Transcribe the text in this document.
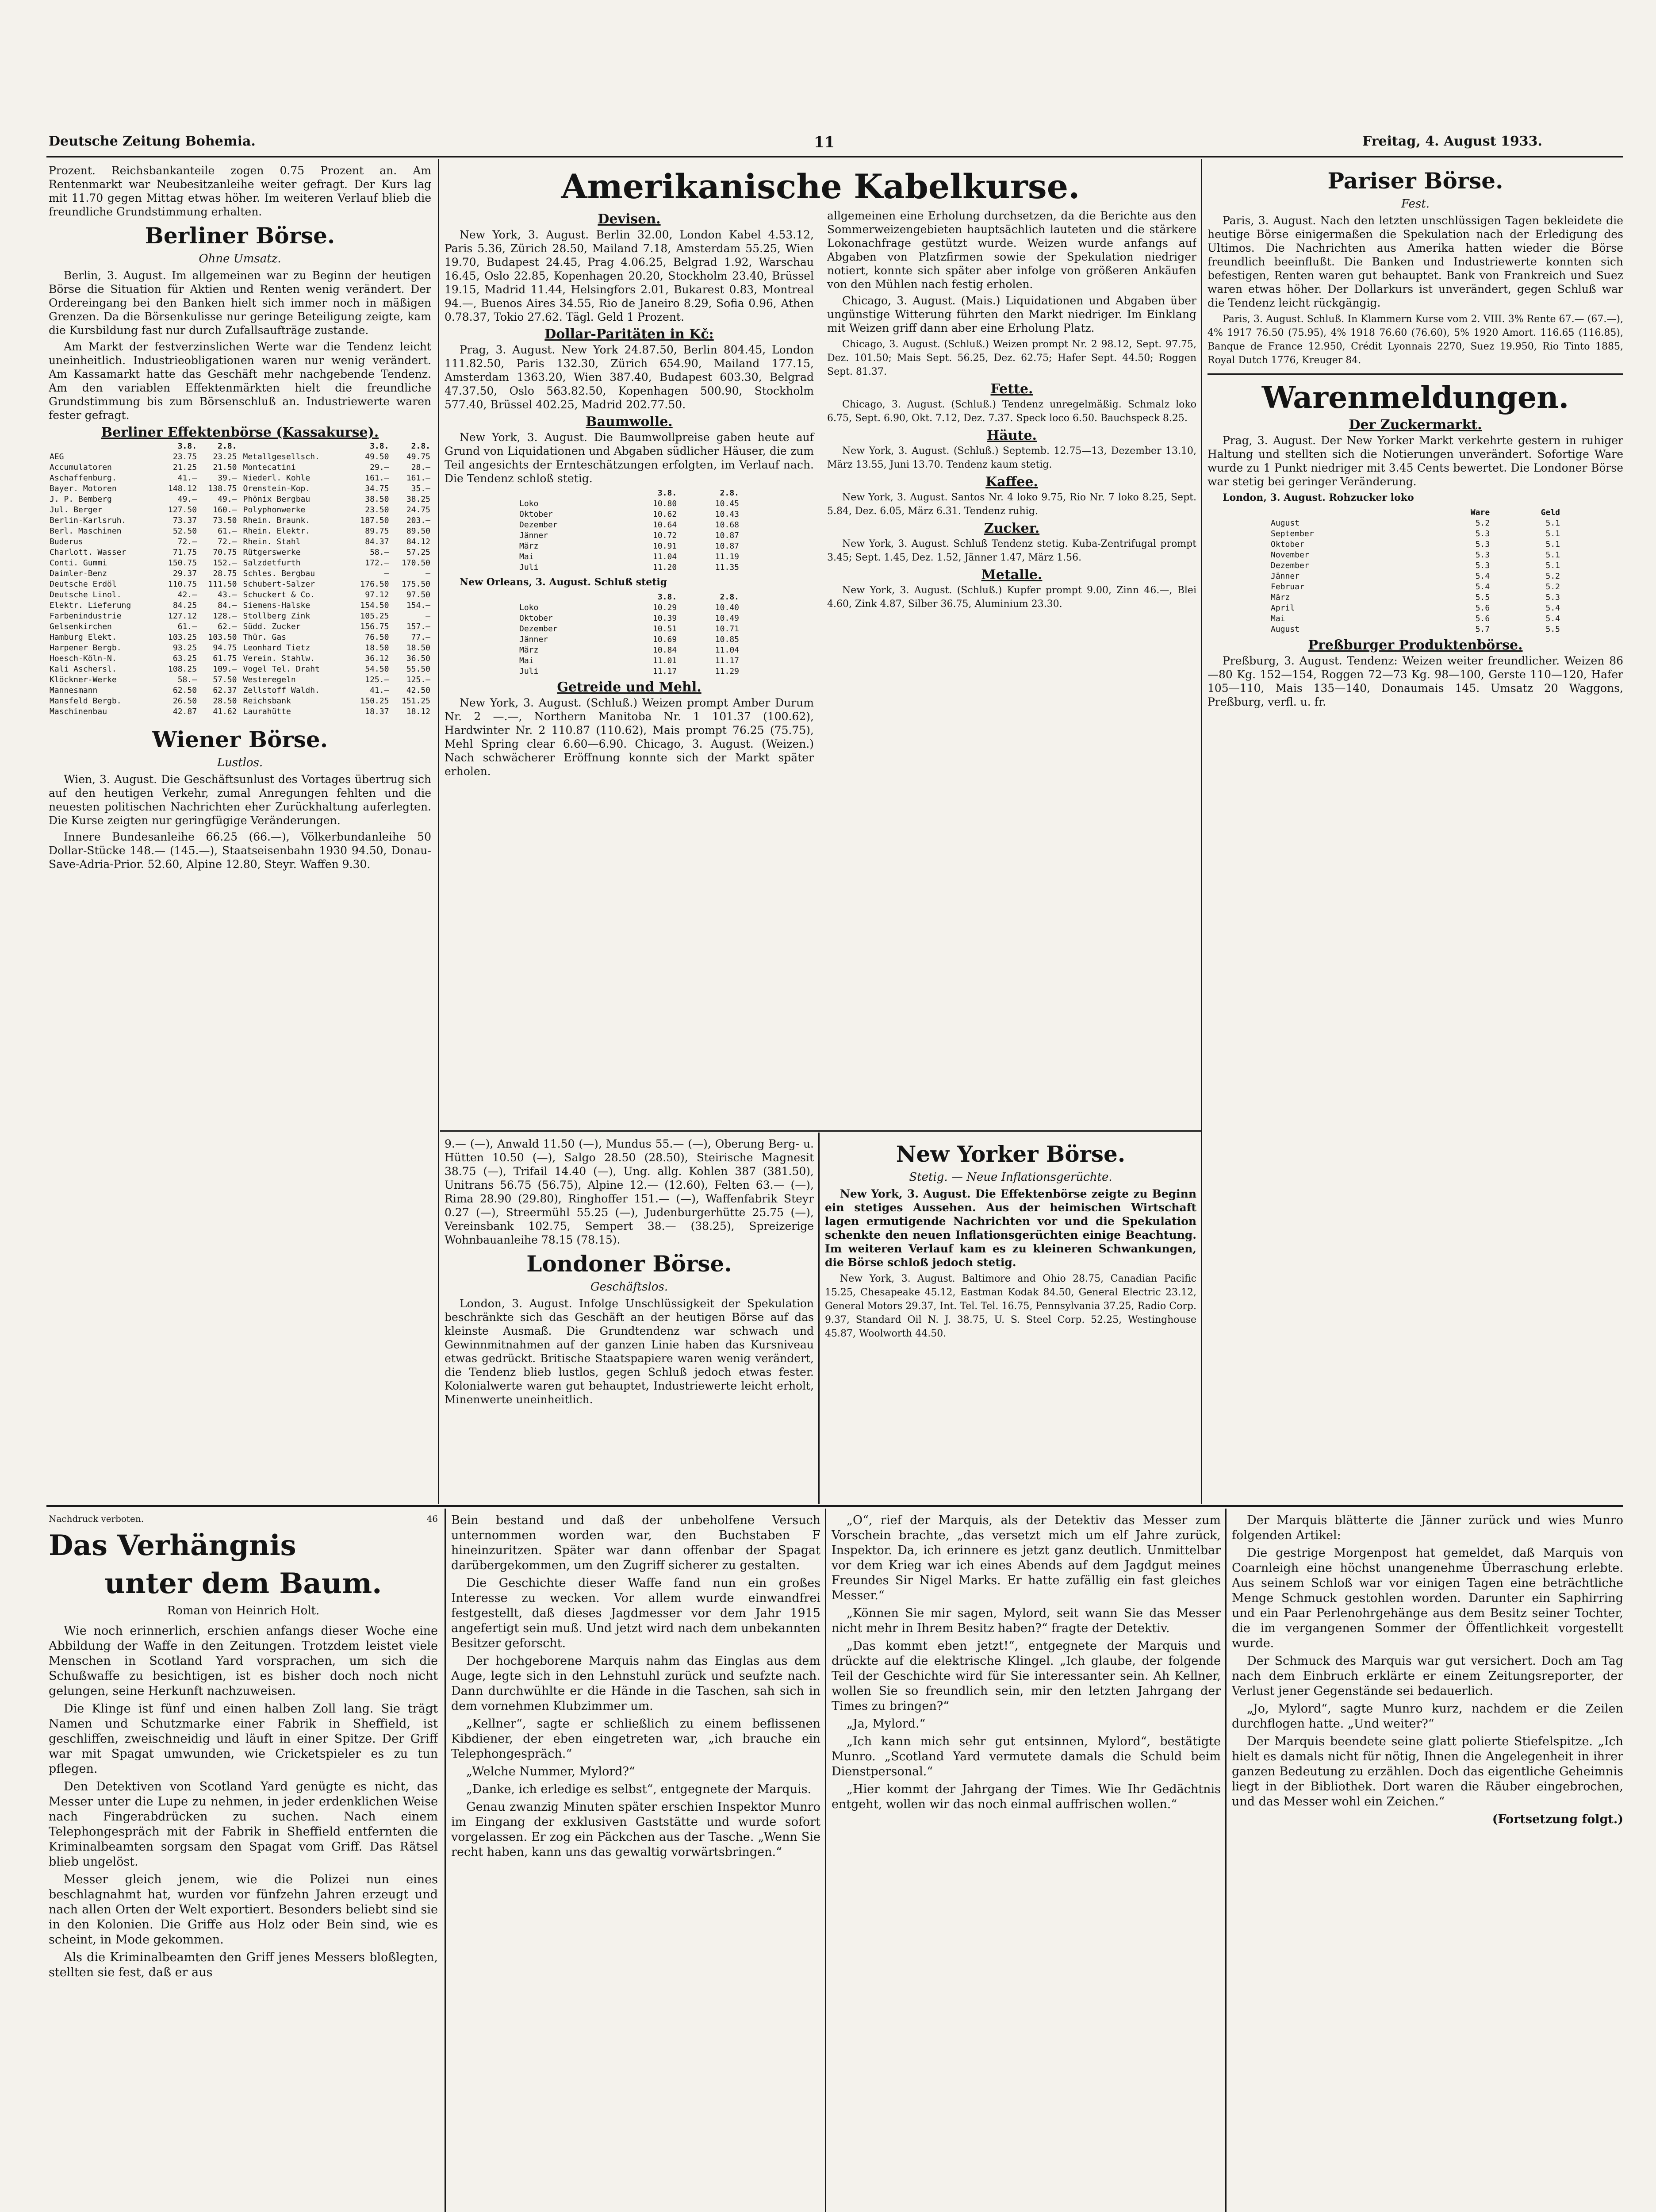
Deutsche Zeitung Bohemia.	11	Freitag, 4. August 1933.

Prozent. Reichsbankanteile zogen 0.75 Prozent an. Am Rentenmarkt war Neubesitzanleihe weiter gefragt. Der Kurs lag mit 11.70 gegen Mittag etwas höher. Im weiteren Verlauf blieb die freundliche Grundstimmung erhalten.

Berliner Börse.
Ohne Umsatz.

Berlin, 3. August. Im allgemeinen war zu Beginn der heutigen Börse die Situation für Aktien und Renten wenig verändert. Der Ordereingang bei den Banken hielt sich immer noch in mäßigen Grenzen. Da die Börsenkulisse nur geringe Beteiligung zeigte, kam die Kursbildung fast nur durch Zufallsaufträge zustande.

Am Markt der festverzinslichen Werte war die Tendenz leicht uneinheitlich. Industrieobligationen waren nur wenig verändert. Am Kassamarkt hatte das Geschäft mehr nachgebende Tendenz. Am den variablen Effektenmärkten hielt die freundliche Grundstimmung bis zum Börsenschluß an. Industriewerte waren fester gefragt.

Berliner Effektenbörse (Kassakurse).
	3.8.	2.8.
AEG	23.75	23.25
Accumulatoren	21.25	21.50
Aschaffenburg.	41.—	39.—
Bayer. Motoren	148.12	138.75
J. P. Bemberg	49.—	49.—
Jul. Berger	127.50	160.—
Berlin-Karlsruh.	73.37	73.50
Berl. Maschinen	52.50	61.—
Buderus	72.—	72.—
Charlott. Wasser	71.75	70.75
Conti. Gummi	150.75	152.—
Daimler-Benz	29.37	28.75
Deutsche Erdöl	110.75	111.50
Deutsche Linol.	42.—	43.—
Elektr. Lieferung	84.25	84.—
Farbenindustrie	127.12	128.—
Gelsenkirchen	61.—	62.—
Hamburg Elekt.	103.25	103.50
Harpener Bergb.	93.25	94.75
Hoesch-Köln-N.	63.25	61.75
Kali Aschersl.	108.25	109.—
Klöckner-Werke	58.—	57.50
Mannesmann	62.50	62.37
Mansfeld Bergb.	26.50	28.50
Maschinenbau	42.87	41.62
	3.8.	2.8.
Metallgesellsch.	49.50	49.75
Montecatini	29.—	28.—
Niederl. Kohle	161.—	161.—
Orenstein-Kop.	34.75	35.—
Phönix Bergbau	38.50	38.25
Polyphonwerke	23.50	24.75
Rhein. Braunk.	187.50	203.—
Rhein. Elektr.	89.75	89.50
Rhein. Stahl	84.37	84.12
Rütgerswerke	58.—	57.25
Salzdetfurth	172.—	170.50
Schles. Bergbau	—	—
Schubert-Salzer	176.50	175.50
Schuckert & Co.	97.12	97.50
Siemens-Halske	154.50	154.—
Stollberg Zink	105.25	—
Südd. Zucker	156.75	157.—
Thür. Gas	76.50	77.—
Leonhard Tietz	18.50	18.50
Verein. Stahlw.	36.12	36.50
Vogel Tel. Draht	54.50	55.50
Westeregeln	125.—	125.—
Zellstoff Waldh.	41.—	42.50
Reichsbank	150.25	151.25
Laurahütte	18.37	18.12
Wiener Börse.
Lustlos.

Wien, 3. August. Die Geschäftsunlust des Vortages übertrug sich auf den heutigen Verkehr, zumal Anregungen fehlten und die neuesten politischen Nachrichten eher Zurückhaltung auferlegten. Die Kurse zeigten nur geringfügige Veränderungen.

Innere Bundesanleihe 66.25 (66.—), Völkerbundanleihe 50 Dollar-Stücke 148.— (145.—), Staatseisenbahn 1930 94.50, Donau-Save-Adria-Prior. 52.60, Alpine 12.80, Steyr. Waffen 9.30.

Amerikanische Kabelkurse.
Devisen.

New York, 3. August. Berlin 32.00, London Kabel 4.53.12, Paris 5.36, Zürich 28.50, Mailand 7.18, Amsterdam 55.25, Wien 19.70, Budapest 24.45, Prag 4.06.25, Belgrad 1.92, Warschau 16.45, Oslo 22.85, Kopenhagen 20.20, Stockholm 23.40, Brüssel 19.15, Madrid 11.44, Helsingfors 2.01, Bukarest 0.83, Montreal 94.—, Buenos Aires 34.55, Rio de Janeiro 8.29, Sofia 0.96, Athen 0.78.37, Tokio 27.62. Tägl. Geld 1 Prozent.

Dollar-Paritäten in Kč:

Prag, 3. August. New York 24.87.50, Berlin 804.45, London 111.82.50, Paris 132.30, Zürich 654.90, Mailand 177.15, Amsterdam 1363.20, Wien 387.40, Budapest 603.30, Belgrad 47.37.50, Oslo 563.82.50, Kopenhagen 500.90, Stockholm 577.40, Brüssel 402.25, Madrid 202.77.50.

Baumwolle.

New York, 3. August. Die Baumwollpreise gaben heute auf Grund von Liquidationen und Abgaben südlicher Häuser, die zum Teil angesichts der Ernteschätzungen erfolgten, im Verlauf nach. Die Tendenz schloß stetig.

	3.8.	2.8.
Loko	10.80	10.45
Oktober	10.62	10.43
Dezember	10.64	10.68
Jänner	10.72	10.87
März	10.91	10.87
Mai	11.04	11.19
Juli	11.20	11.35

New Orleans, 3. August. Schluß stetig

	3.8.	2.8.
Loko	10.29	10.40
Oktober	10.39	10.49
Dezember	10.51	10.71
Jänner	10.69	10.85
März	10.84	11.04
Mai	11.01	11.17
Juli	11.17	11.29
Getreide und Mehl.

New York, 3. August. (Schluß.) Weizen prompt Amber Durum Nr. 2 —.—, Northern Manitoba Nr. 1 101.37 (100.62), Hardwinter Nr. 2 110.87 (110.62), Mais prompt 76.25 (75.75), Mehl Spring clear 6.60—6.90. Chicago, 3. August. (Weizen.) Nach schwächerer Eröffnung konnte sich der Markt später erholen.

allgemeinen eine Erholung durchsetzen, da die Berichte aus den Sommerweizengebieten hauptsächlich lauteten und die stärkere Lokonachfrage gestützt wurde. Weizen wurde anfangs auf Abgaben von Platzfirmen sowie der Spekulation niedriger notiert, konnte sich später aber infolge von größeren Ankäufen von den Mühlen nach festig erholen.

Chicago, 3. August. (Mais.) Liquidationen und Abgaben über ungünstige Witterung führten den Markt niedriger. Im Einklang mit Weizen griff dann aber eine Erholung Platz.

Chicago, 3. August. (Schluß.) Weizen prompt Nr. 2 98.12, Sept. 97.75, Dez. 101.50; Mais Sept. 56.25, Dez. 62.75; Hafer Sept. 44.50; Roggen Sept. 81.37.

Fette.

Chicago, 3. August. (Schluß.) Tendenz unregelmäßig. Schmalz loko 6.75, Sept. 6.90, Okt. 7.12, Dez. 7.37. Speck loco 6.50. Bauchspeck 8.25.

Häute.

New York, 3. August. (Schluß.) Septemb. 12.75—13, Dezember 13.10, März 13.55, Juni 13.70. Tendenz kaum stetig.

Kaffee.

New York, 3. August. Santos Nr. 4 loko 9.75, Rio Nr. 7 loko 8.25, Sept. 5.84, Dez. 6.05, März 6.31. Tendenz ruhig.

Zucker.

New York, 3. August. Schluß Tendenz stetig. Kuba-Zentrifugal prompt 3.45; Sept. 1.45, Dez. 1.52, Jänner 1.47, März 1.56.

Metalle.

New York, 3. August. (Schluß.) Kupfer prompt 9.00, Zinn 46.—, Blei 4.60, Zink 4.87, Silber 36.75, Aluminium 23.30.

9.— (—), Anwald 11.50 (—), Mundus 55.— (—), Oberung Berg- u. Hütten 10.50 (—), Salgo 28.50 (28.50), Steirische Magnesit 38.75 (—), Trifail 14.40 (—), Ung. allg. Kohlen 387 (381.50), Unitrans 56.75 (56.75), Alpine 12.— (12.60), Felten 63.— (—), Rima 28.90 (29.80), Ringhoffer 151.— (—), Waffenfabrik Steyr 0.27 (—), Streermühl 55.25 (—), Judenburgerhütte 25.75 (—), Vereinsbank 102.75, Sempert 38.— (38.25), Spreizerige Wohnbauanleihe 78.15 (78.15).

Londoner Börse.
Geschäftslos.

London, 3. August. Infolge Unschlüssigkeit der Spekulation beschränkte sich das Geschäft an der heutigen Börse auf das kleinste Ausmaß. Die Grundtendenz war schwach und Gewinnmitnahmen auf der ganzen Linie haben das Kursniveau etwas gedrückt. Britische Staatspapiere waren wenig verändert, die Tendenz blieb lustlos, gegen Schluß jedoch etwas fester. Kolonialwerte waren gut behauptet, Industriewerte leicht erholt, Minenwerte uneinheitlich.

New Yorker Börse.
Stetig. — Neue Inflationsgerüchte.

New York, 3. August. Die Effektenbörse zeigte zu Beginn ein stetiges Aussehen. Aus der heimischen Wirtschaft lagen ermutigende Nachrichten vor und die Spekulation schenkte den neuen Inflationsgerüchten einige Beachtung. Im weiteren Verlauf kam es zu kleineren Schwankungen, die Börse schloß jedoch stetig.

New York, 3. August. Baltimore and Ohio 28.75, Canadian Pacific 15.25, Chesapeake 45.12, Eastman Kodak 84.50, General Electric 23.12, General Motors 29.37, Int. Tel. Tel. 16.75, Pennsylvania 37.25, Radio Corp. 9.37, Standard Oil N. J. 38.75, U. S. Steel Corp. 52.25, Westinghouse 45.87, Woolworth 44.50.

Pariser Börse.
Fest.

Paris, 3. August. Nach den letzten unschlüssigen Tagen bekleidete die heutige Börse einigermaßen die Spekulation nach der Erledigung des Ultimos. Die Nachrichten aus Amerika hatten wieder die Börse freundlich beeinflußt. Die Banken und Industriewerte konnten sich befestigen, Renten waren gut behauptet. Bank von Frankreich und Suez waren etwas höher. Der Dollarkurs ist unverändert, gegen Schluß war die Tendenz leicht rückgängig.

Paris, 3. August. Schluß. In Klammern Kurse vom 2. VIII. 3% Rente 67.— (67.—), 4% 1917 76.50 (75.95), 4% 1918 76.60 (76.60), 5% 1920 Amort. 116.65 (116.85), Banque de France 12.950, Crédit Lyonnais 2270, Suez 19.950, Rio Tinto 1885, Royal Dutch 1776, Kreuger 84.

Warenmeldungen.
Der Zuckermarkt.

Prag, 3. August. Der New Yorker Markt verkehrte gestern in ruhiger Haltung und stellten sich die Notierungen unverändert. Sofortige Ware wurde zu 1 Punkt niedriger mit 3.45 Cents bewertet. Die Londoner Börse war stetig bei geringer Veränderung.

London, 3. August. Rohzucker loko

	Ware	Geld
August	5.2	5.1
September	5.3	5.1
Oktober	5.3	5.1
November	5.3	5.1
Dezember	5.3	5.1
Jänner	5.4	5.2
Februar	5.4	5.2
März	5.5	5.3
April	5.6	5.4
Mai	5.6	5.4
August	5.7	5.5
Preßburger Produktenbörse.

Preßburg, 3. August. Tendenz: Weizen weiter freundlicher. Weizen 86—80 Kg. 152—154, Roggen 72—73 Kg. 98—100, Gerste 110—120, Hafer 105—110, Mais 135—140, Donaumais 145. Umsatz 20 Waggons, Preßburg, verfl. u. fr.

Nachdruck verboten.	46
Das Verhängnis
unter dem Baum.
Roman von Heinrich Holt.

Wie noch erinnerlich, erschien anfangs dieser Woche eine Abbildung der Waffe in den Zeitungen. Trotzdem leistet viele Menschen in Scotland Yard vorsprachen, um sich die Schußwaffe zu besichtigen, ist es bisher doch noch nicht gelungen, seine Herkunft nachzuweisen.

Die Klinge ist fünf und einen halben Zoll lang. Sie trägt Namen und Schutzmarke einer Fabrik in Sheffield, ist geschliffen, zweischneidig und läuft in einer Spitze. Der Griff war mit Spagat umwunden, wie Cricketspieler es zu tun pflegen.

Den Detektiven von Scotland Yard genügte es nicht, das Messer unter die Lupe zu nehmen, in jeder erdenklichen Weise nach Fingerabdrücken zu suchen. Nach einem Telephongespräch mit der Fabrik in Sheffield entfernten die Kriminalbeamten sorgsam den Spagat vom Griff. Das Rätsel blieb ungelöst.

Messer gleich jenem, wie die Polizei nun eines beschlagnahmt hat, wurden vor fünfzehn Jahren erzeugt und nach allen Orten der Welt exportiert. Besonders beliebt sind sie in den Kolonien. Die Griffe aus Holz oder Bein sind, wie es scheint, in Mode gekommen.

Als die Kriminalbeamten den Griff jenes Messers bloßlegten, stellten sie fest, daß er aus

Bein bestand und daß der unbeholfene Versuch unternommen worden war, den Buchstaben F hineinzuritzen. Später war dann offenbar der Spagat darübergekommen, um den Zugriff sicherer zu gestalten.

Die Geschichte dieser Waffe fand nun ein großes Interesse zu wecken. Vor allem wurde einwandfrei festgestellt, daß dieses Jagdmesser vor dem Jahr 1915 angefertigt sein muß. Und jetzt wird nach dem unbekannten Besitzer geforscht.

Der hochgeborene Marquis nahm das Einglas aus dem Auge, legte sich in den Lehnstuhl zurück und seufzte nach. Dann durchwühlte er die Hände in die Taschen, sah sich in dem vornehmen Klubzimmer um.

„Kellner“, sagte er schließlich zu einem beflissenen Kibdiener, der eben eingetreten war, „ich brauche ein Telephongespräch.“

„Welche Nummer, Mylord?“

„Danke, ich erledige es selbst“, entgegnete der Marquis.

Genau zwanzig Minuten später erschien Inspektor Munro im Eingang der exklusiven Gaststätte und wurde sofort vorgelassen. Er zog ein Päckchen aus der Tasche. „Wenn Sie recht haben, kann uns das gewaltig vorwärtsbringen.“

„O“, rief der Marquis, als der Detektiv das Messer zum Vorschein brachte, „das versetzt mich um elf Jahre zurück, Inspektor. Da, ich erinnere es jetzt ganz deutlich. Unmittelbar vor dem Krieg war ich eines Abends auf dem Jagdgut meines Freundes Sir Nigel Marks. Er hatte zufällig ein fast gleiches Messer.“

„Können Sie mir sagen, Mylord, seit wann Sie das Messer nicht mehr in Ihrem Besitz haben?“ fragte der Detektiv.

„Das kommt eben jetzt!“, entgegnete der Marquis und drückte auf die elektrische Klingel. „Ich glaube, der folgende Teil der Geschichte wird für Sie interessanter sein. Ah Kellner, wollen Sie so freundlich sein, mir den letzten Jahrgang der Times zu bringen?“

„Ja, Mylord.“

„Ich kann mich sehr gut entsinnen, Mylord“, bestätigte Munro. „Scotland Yard vermutete damals die Schuld beim Dienstpersonal.“

„Hier kommt der Jahrgang der Times. Wie Ihr Gedächtnis entgeht, wollen wir das noch einmal auffrischen wollen.“

Der Marquis blätterte die Jänner zurück und wies Munro folgenden Artikel:

Die gestrige Morgenpost hat gemeldet, daß Marquis von Coarnleigh eine höchst unangenehme Überraschung erlebte. Aus seinem Schloß war vor einigen Tagen eine beträchtliche Menge Schmuck gestohlen worden. Darunter ein Saphirring und ein Paar Perlenohrgehänge aus dem Besitz seiner Tochter, die im vergangenen Sommer der Öffentlichkeit vorgestellt wurde.

Der Schmuck des Marquis war gut versichert. Doch am Tag nach dem Einbruch erklärte er einem Zeitungsreporter, der Verlust jener Gegenstände sei bedauerlich.

„Jo, Mylord“, sagte Munro kurz, nachdem er die Zeilen durchflogen hatte. „Und weiter?“

Der Marquis beendete seine glatt polierte Stiefelspitze. „Ich hielt es damals nicht für nötig, Ihnen die Angelegenheit in ihrer ganzen Bedeutung zu erzählen. Doch das eigentliche Geheimnis liegt in der Bibliothek. Dort waren die Räuber eingebrochen, und das Messer wohl ein Zeichen.“

(Fortsetzung folgt.)
